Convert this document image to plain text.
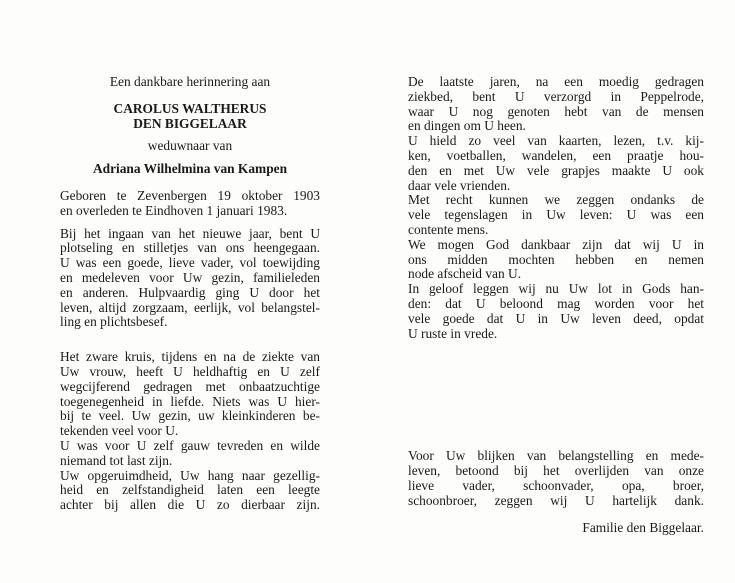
Een dankbare herinnering aan
CAROLUS WALTHERUS
DEN BIGGELAAR
weduwnaar van
Adriana Wilhelmina van Kampen
Geboren te Zevenbergen 19 oktober 1903
en overleden te Eindhoven 1 januari 1983.
Bij het ingaan van het nieuwe jaar, bent U
plotseling en stilletjes van ons heengegaan.
U was een goede, lieve vader, vol toewijding
en medeleven voor Uw gezin, familieleden
en anderen. Hulpvaardig ging U door het
leven, altijd zorgzaam, eerlijk, vol belangstel-
ling en plichtsbesef.
Het zware kruis, tijdens en na de ziekte van
Uw vrouw, heeft U heldhaftig en U zelf
wegcijferend gedragen met onbaatzuchtige
toegenegenheid in liefde. Niets was U hier-
bij te veel. Uw gezin, uw kleinkinderen be-
tekenden veel voor U.
U was voor U zelf gauw tevreden en wilde
niemand tot last zijn.
Uw opgeruimdheid, Uw hang naar gezellig-
heid en zelfstandigheid laten een leegte
achter bij allen die U zo dierbaar zijn.
De laatste jaren, na een moedig gedragen
ziekbed, bent U verzorgd in Peppelrode,
waar U nog genoten hebt van de mensen
en dingen om U heen.
U hield zo veel van kaarten, lezen, t.v. kij-
ken, voetballen, wandelen, een praatje hou-
den en met Uw vele grapjes maakte U ook
daar vele vrienden.
Met recht kunnen we zeggen ondanks de
vele tegenslagen in Uw leven: U was een
contente mens.
We mogen God dankbaar zijn dat wij U in
ons midden mochten hebben en nemen
node afscheid van U.
In geloof leggen wij nu Uw lot in Gods han-
den: dat U beloond mag worden voor het
vele goede dat U in Uw leven deed, opdat
U ruste in vrede.
Voor Uw blijken van belangstelling en mede-
leven, betoond bij het overlijden van onze
lieve vader, schoonvader, opa, broer,
schoonbroer, zeggen wij U hartelijk dank.
Familie den Biggelaar.
